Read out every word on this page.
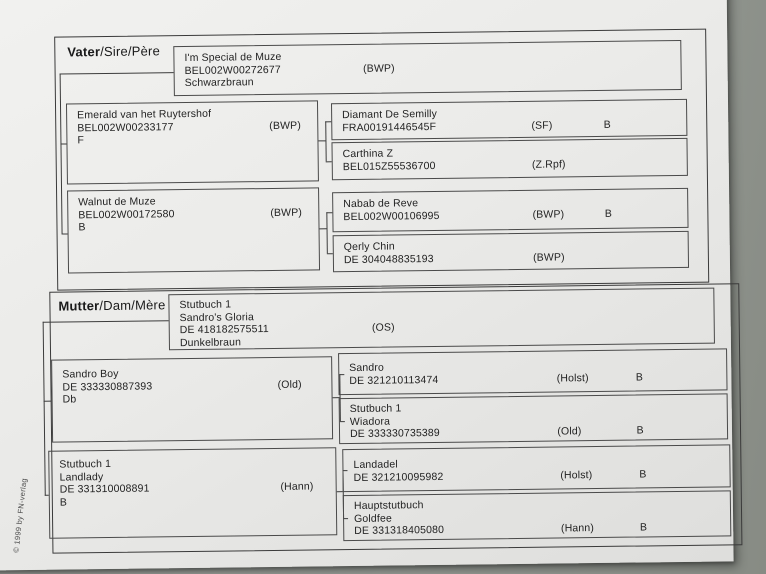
Vater/Sire/Père I'm Special de Muze
BEL002W00272677	(BWP)
Schwarzbraun
Emerald van het Ruytershof
BEL002W00233177	(BWP)
F
Walnut de Muze
BEL002W00172580	(BWP)
B
Diamant De Semilly
FRA00191446545F	(SF)	B
Carthina Z
BEL015Z55536700	(Z.Rpf)
Nabab de Reve
BEL002W00106995	(BWP)	B
Qerly Chin
DE 304048835193	(BWP)
Mutter/Dam/Mère Stutbuch 1
Sandro's Gloria
DE 418182575511	(OS)
Dunkelbraun
Sandro Boy
DE 333330887393	(Old)
Db
Stutbuch 1
Landlady
DE 331310008891	(Hann)
B
Sandro
DE 321210113474	(Holst)	B
Stutbuch 1
Wiadora
DE 333330735389	(Old)	B
Landadel
DE 321210095982	(Holst)	B
Hauptstutbuch
Goldfee
DE 331318405080	(Hann)	B
© 1999 by FN-verlag
